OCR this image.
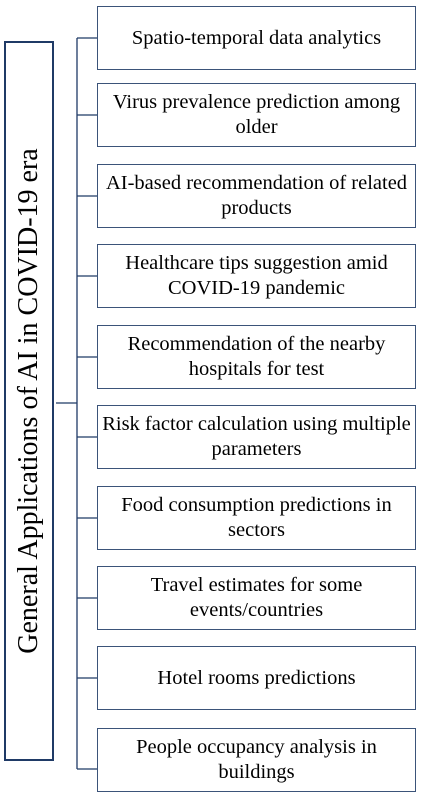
General Applications of AI in COVID-19 era
Spatio-temporal data analytics
Virus prevalence prediction among older
AI-based recommendation of related products
Healthcare tips suggestion amid COVID-19 pandemic
Recommendation of the nearby hospitals for test
Risk factor calculation using multiple parameters
Food consumption predictions in sectors
Travel estimates for some events/countries
Hotel rooms predictions
People occupancy analysis in buildings
